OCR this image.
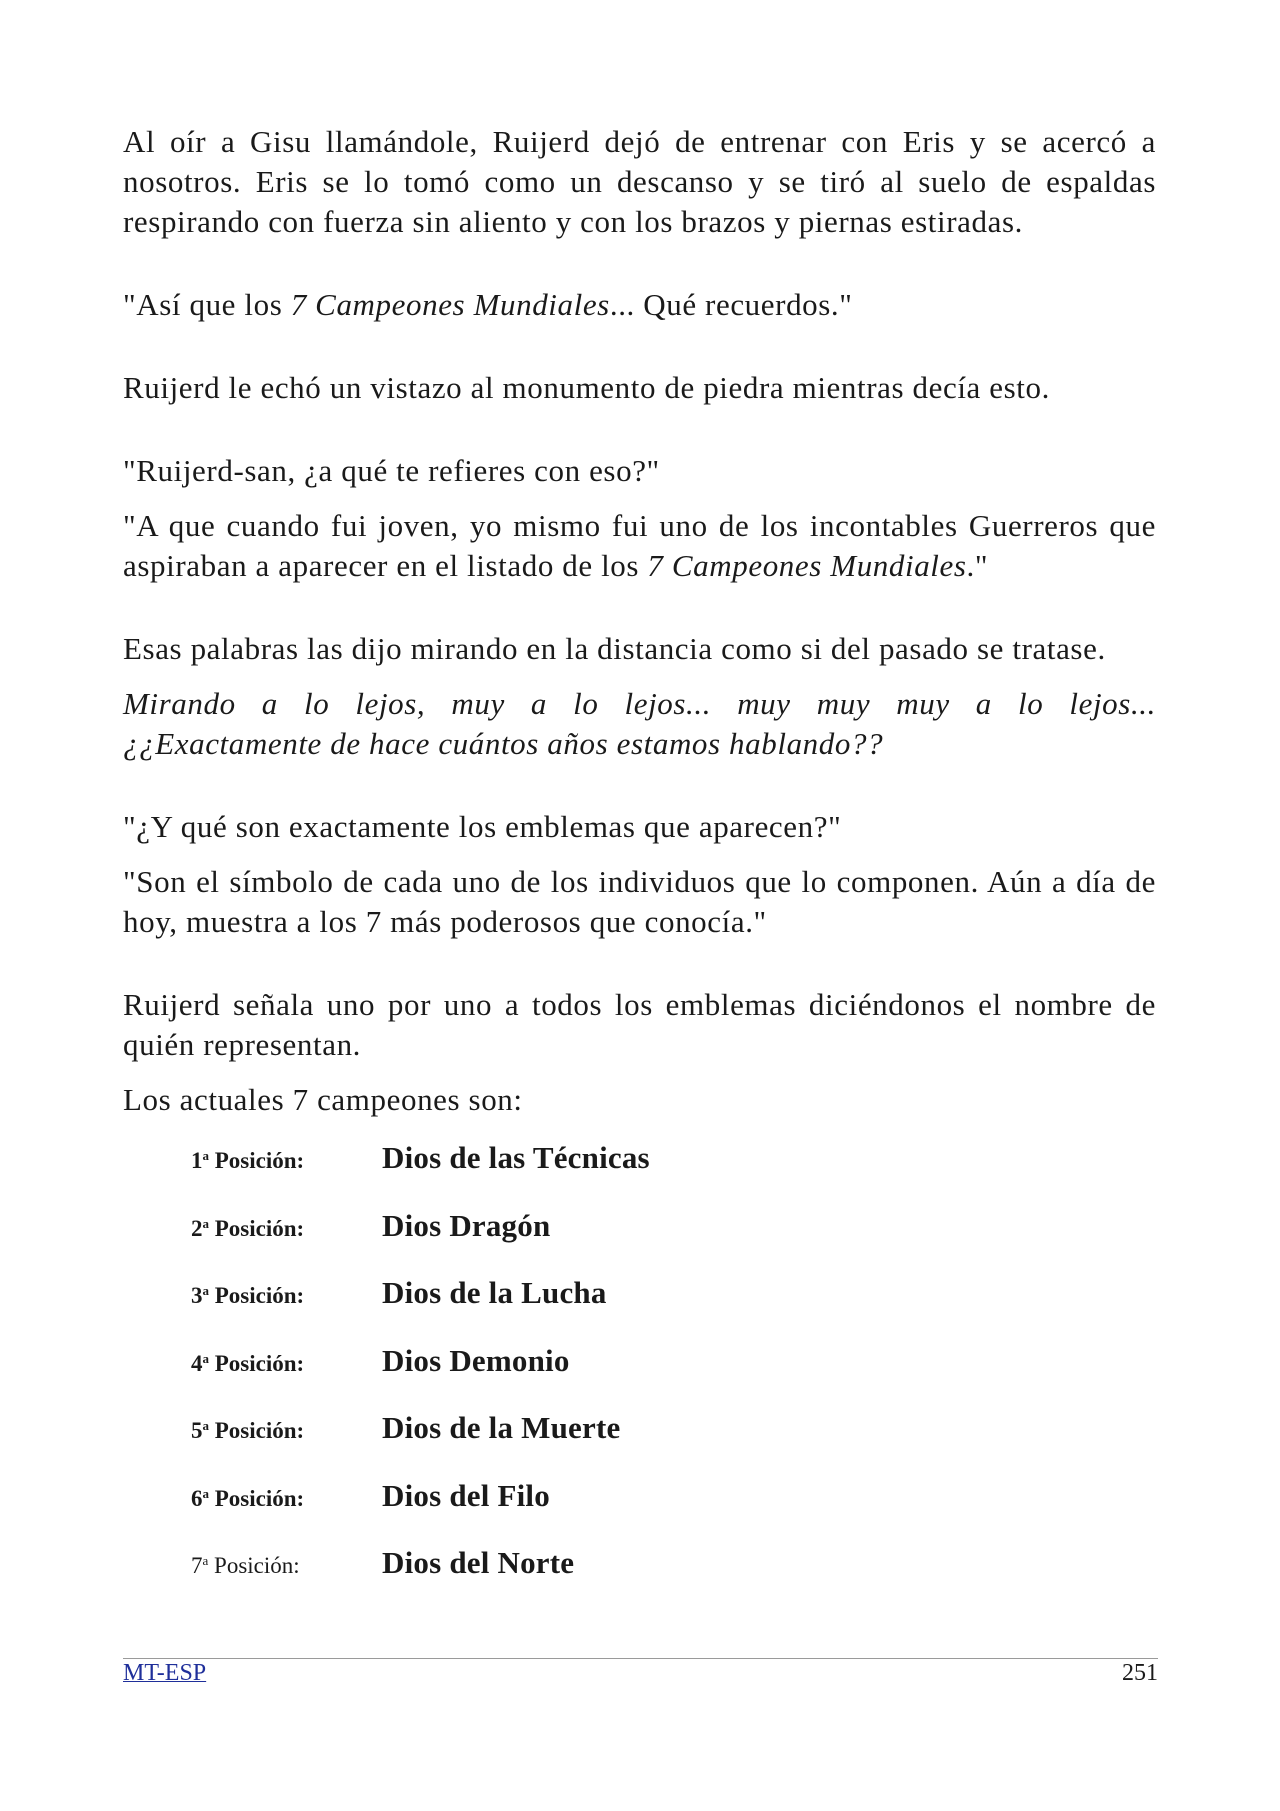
Al oír a Gisu llamándole, Ruijerd dejó de entrenar con Eris y se acercó a nosotros. Eris se lo tomó como un descanso y se tiró al suelo de espaldas respirando con fuerza sin aliento y con los brazos y piernas estiradas.

"Así que los 7 Campeones Mundiales... Qué recuerdos."

Ruijerd le echó un vistazo al monumento de piedra mientras decía esto.

"Ruijerd-san, ¿a qué te refieres con eso?"

"A que cuando fui joven, yo mismo fui uno de los incontables Guerreros que aspiraban a aparecer en el listado de los 7 Campeones Mundiales."

Esas palabras las dijo mirando en la distancia como si del pasado se tratase.

Mirando a lo lejos, muy a lo lejos... muy muy muy a lo lejos...

¿¿Exactamente de hace cuántos años estamos hablando??

"¿Y qué son exactamente los emblemas que aparecen?"

"Son el símbolo de cada uno de los individuos que lo componen. Aún a día de hoy, muestra a los 7 más poderosos que conocía."

Ruijerd señala uno por uno a todos los emblemas diciéndonos el nombre de quién representan.

Los actuales 7 campeones son:

1$^a$ Posición:	Dios de las Técnicas
2$^a$ Posición:	Dios Dragón
3$^a$ Posición:	Dios de la Lucha
4$^a$ Posición:	Dios Demonio
5$^a$ Posición:	Dios de la Muerte
6$^a$ Posición:	Dios del Filo
7$^a$ Posición:	Dios del Norte
MT-ESP	251
